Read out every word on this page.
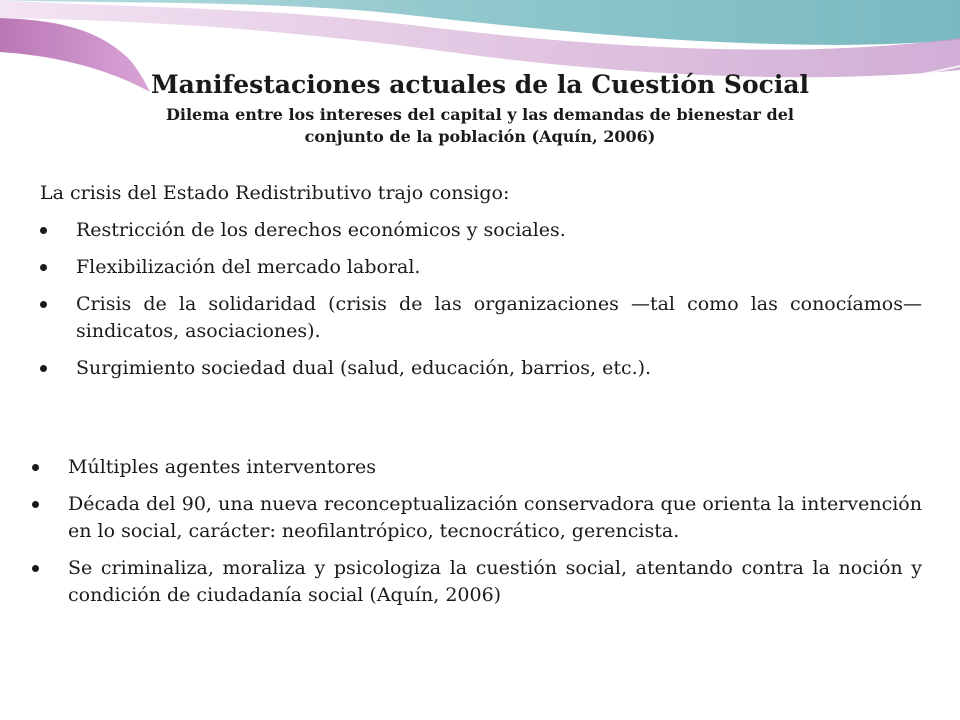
Manifestaciones actuales de la Cuestión Social

Dilema entre los intereses del capital y las demandas de bienestar del
conjunto de la población (Aquín, 2006)

La crisis del Estado Redistributivo trajo consigo:

Restricción de los derechos económicos y sociales.
Flexibilización del mercado laboral.
Crisis de la solidaridad (crisis de las organizaciones —tal como las conocíamos—sindicatos, asociaciones).
Surgimiento sociedad dual (salud, educación, barrios, etc.).
Múltiples agentes interventores
Década del 90, una nueva reconceptualización conservadora que orienta la intervención en lo social, carácter: neofilantrópico, tecnocrático, gerencista.
Se criminaliza, moraliza y psicologiza la cuestión social, atentando contra la noción y condición de ciudadanía social (Aquín, 2006)
